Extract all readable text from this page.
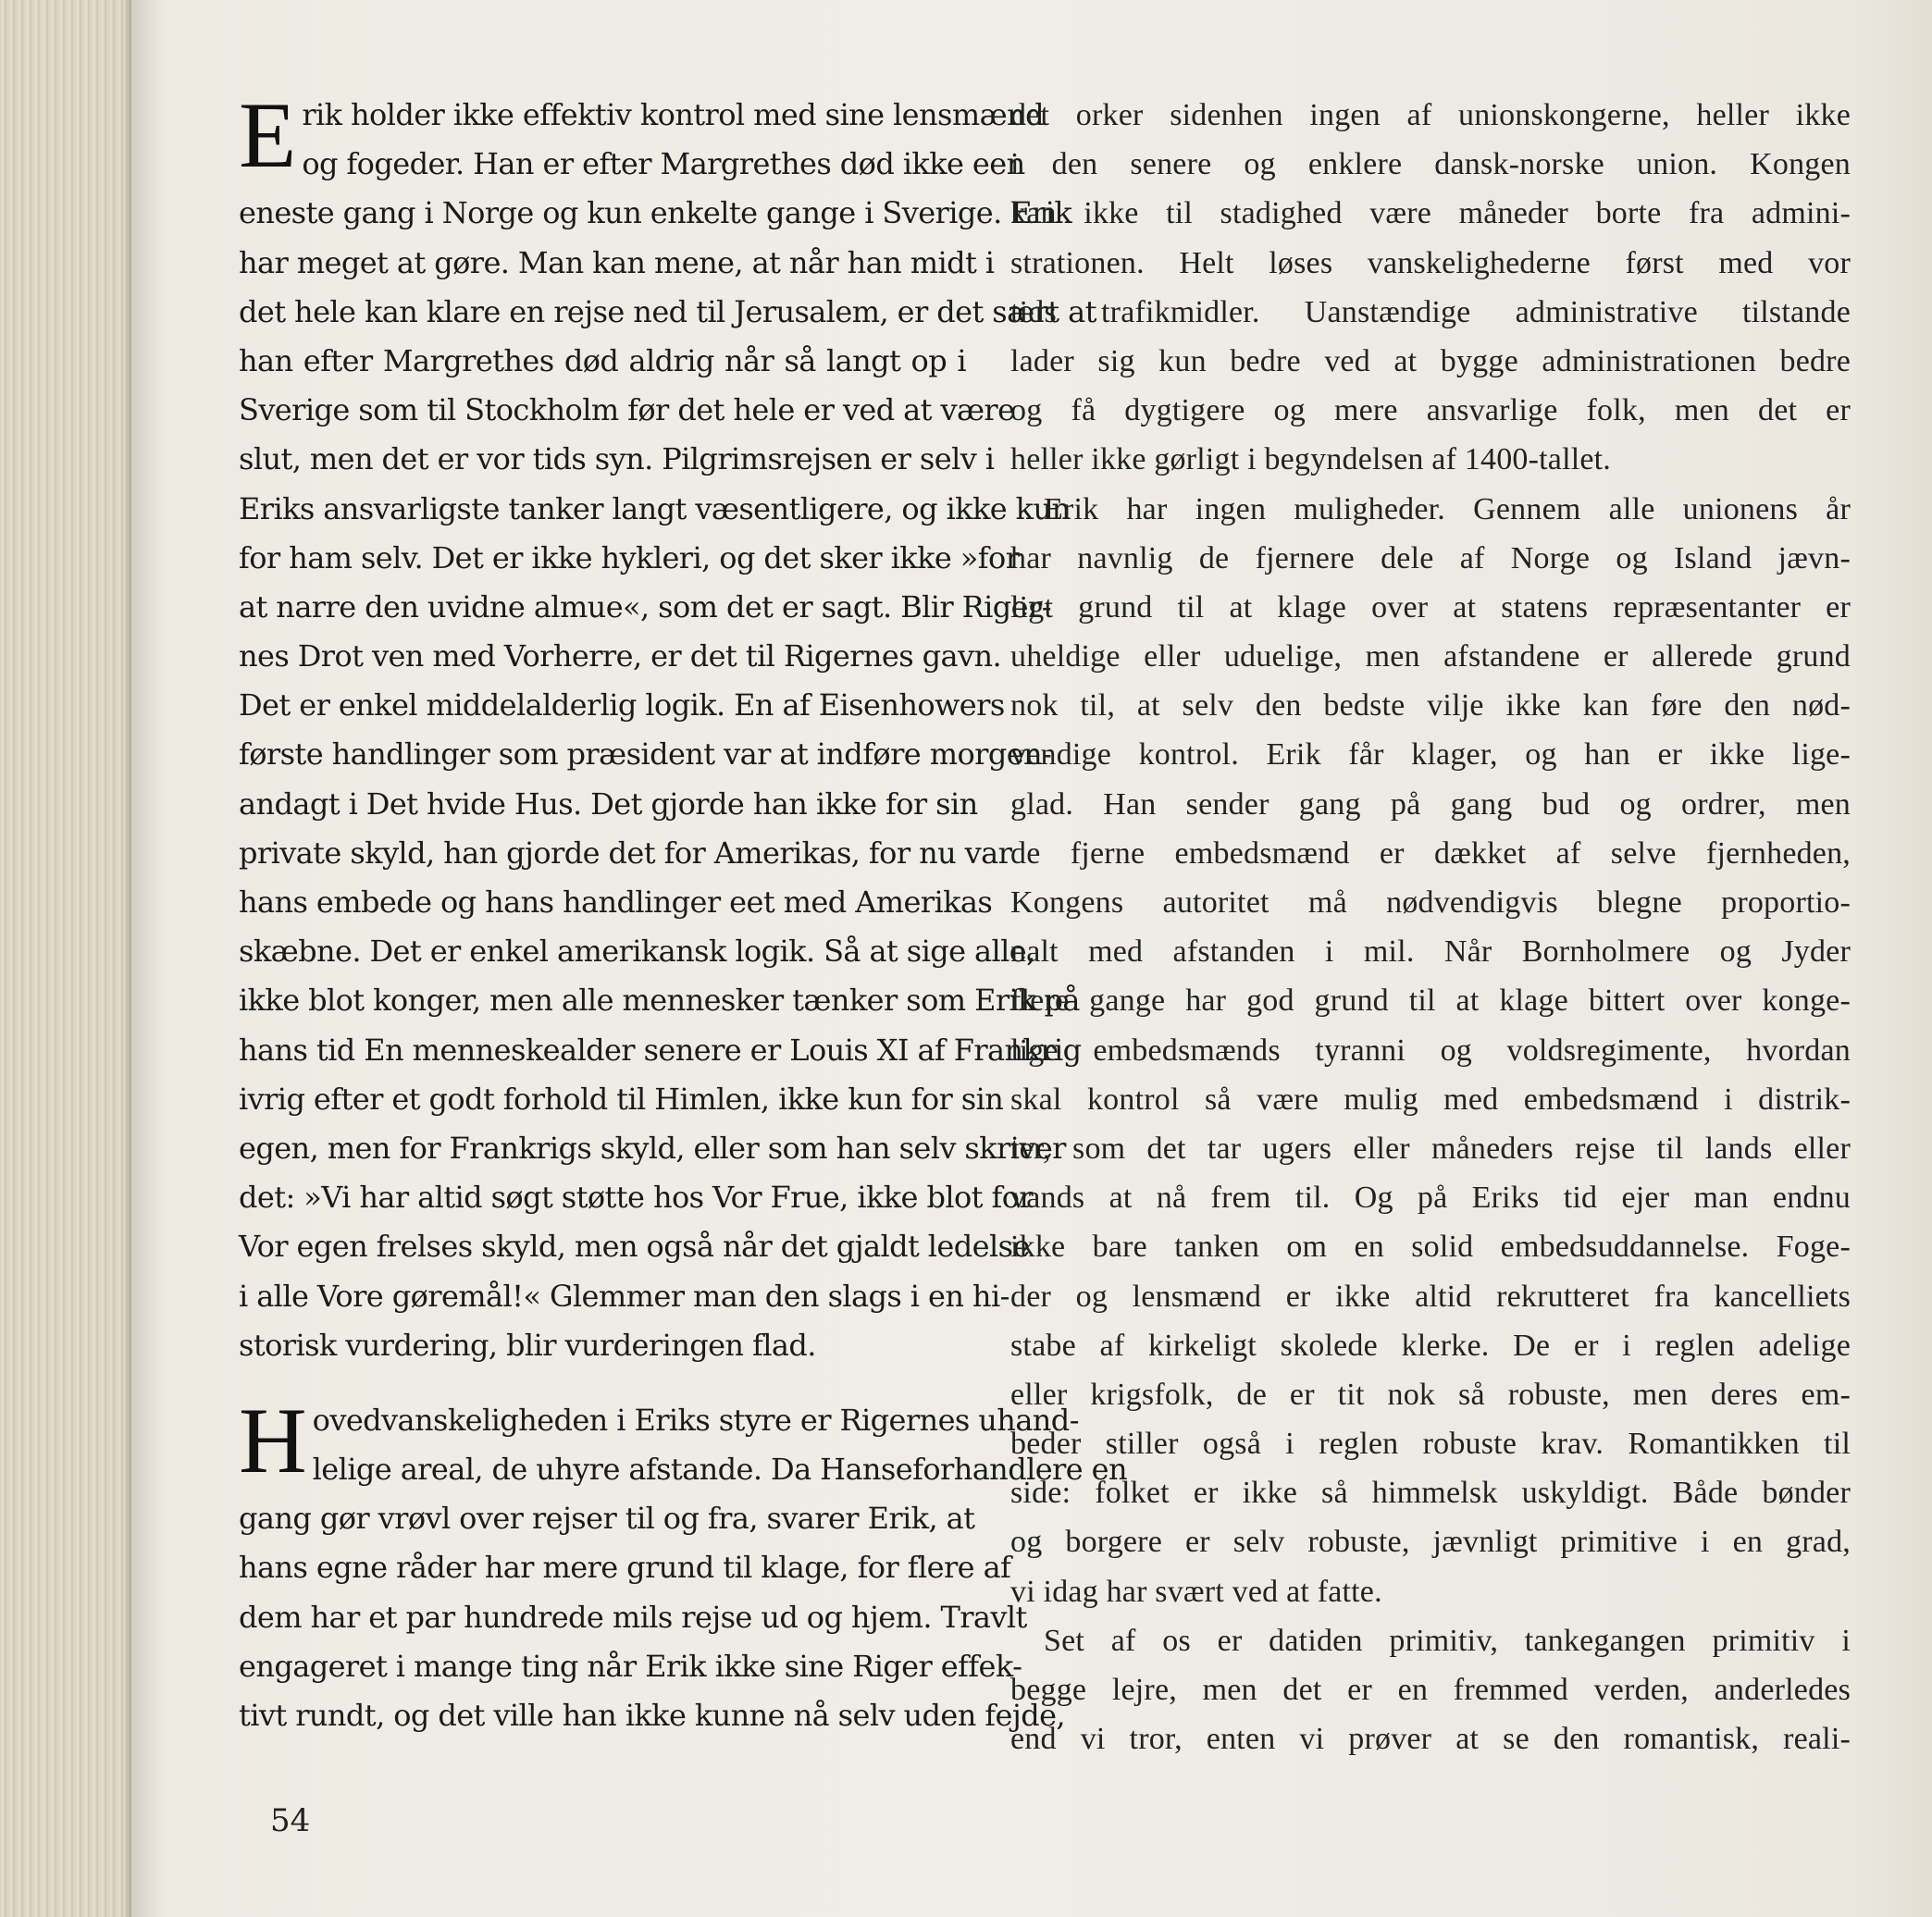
E rik holder ikke effektiv kontrol med sine lensmænd
og fogeder. Han er efter Margrethes død ikke een
eneste gang i Norge og kun enkelte gange i Sverige. Erik
har meget at gøre. Man kan mene, at når han midt i
det hele kan klare en rejse ned til Jerusalem, er det sært at
han efter Margrethes død aldrig når så langt op i
Sverige som til Stockholm før det hele er ved at være
slut, men det er vor tids syn. Pilgrimsrejsen er selv i
Eriks ansvarligste tanker langt væsentligere, og ikke kun
for ham selv. Det er ikke hykleri, og det sker ikke »for
at narre den uvidne almue«, som det er sagt. Blir Riger-
nes Drot ven med Vorherre, er det til Rigernes gavn.
Det er enkel middelalderlig logik. En af Eisenhowers
første handlinger som præsident var at indføre morgen-
andagt i Det hvide Hus. Det gjorde han ikke for sin
private skyld, han gjorde det for Amerikas, for nu var
hans embede og hans handlinger eet med Amerikas
skæbne. Det er enkel amerikansk logik. Så at sige alle,
ikke blot konger, men alle mennesker tænker som Erik på
hans tid En menneskealder senere er Louis XI af Frankrig
ivrig efter et godt forhold til Himlen, ikke kun for sin
egen, men for Frankrigs skyld, eller som han selv skriver
det: »Vi har altid søgt støtte hos Vor Frue, ikke blot for
Vor egen frelses skyld, men også når det gjaldt ledelse
i alle Vore gøremål!« Glemmer man den slags i en hi-
storisk vurdering, blir vurderingen flad.
H ovedvanskeligheden i Eriks styre er Rigernes uhand-
lelige areal, de uhyre afstande. Da Hanseforhandlere en
gang gør vrøvl over rejser til og fra, svarer Erik, at
hans egne råder har mere grund til klage, for flere af
dem har et par hundrede mils rejse ud og hjem. Travlt
engageret i mange ting når Erik ikke sine Riger effek-
tivt rundt, og det ville han ikke kunne nå selv uden fejde,
det orker sidenhen ingen af unionskongerne, heller ikke
i den senere og enklere dansk-norske union. Kongen
kan ikke til stadighed være måneder borte fra admini-
strationen. Helt løses vanskelighederne først med vor
tids trafikmidler. Uanstændige administrative tilstande
lader sig kun bedre ved at bygge administrationen bedre
og få dygtigere og mere ansvarlige folk, men det er
heller ikke gørligt i begyndelsen af 1400-tallet.
Erik har ingen muligheder. Gennem alle unionens år
har navnlig de fjernere dele af Norge og Island jævn-
ligt grund til at klage over at statens repræsentanter er
uheldige eller uduelige, men afstandene er allerede grund
nok til, at selv den bedste vilje ikke kan føre den nød-
vendige kontrol. Erik får klager, og han er ikke lige-
glad. Han sender gang på gang bud og ordrer, men
de fjerne embedsmænd er dækket af selve fjernheden,
Kongens autoritet må nødvendigvis blegne proportio-
nalt med afstanden i mil. Når Bornholmere og Jyder
flere gange har god grund til at klage bittert over konge-
lige embedsmænds tyranni og voldsregimente, hvordan
skal kontrol så være mulig med embedsmænd i distrik-
ter, som det tar ugers eller måneders rejse til lands eller
vands at nå frem til. Og på Eriks tid ejer man endnu
ikke bare tanken om en solid embedsuddannelse. Foge-
der og lensmænd er ikke altid rekrutteret fra kancelliets
stabe af kirkeligt skolede klerke. De er i reglen adelige
eller krigsfolk, de er tit nok så robuste, men deres em-
beder stiller også i reglen robuste krav. Romantikken til
side: folket er ikke så himmelsk uskyldigt. Både bønder
og borgere er selv robuste, jævnligt primitive i en grad,
vi idag har svært ved at fatte.
Set af os er datiden primitiv, tankegangen primitiv i
begge lejre, men det er en fremmed verden, anderledes
end vi tror, enten vi prøver at se den romantisk, reali-
54
